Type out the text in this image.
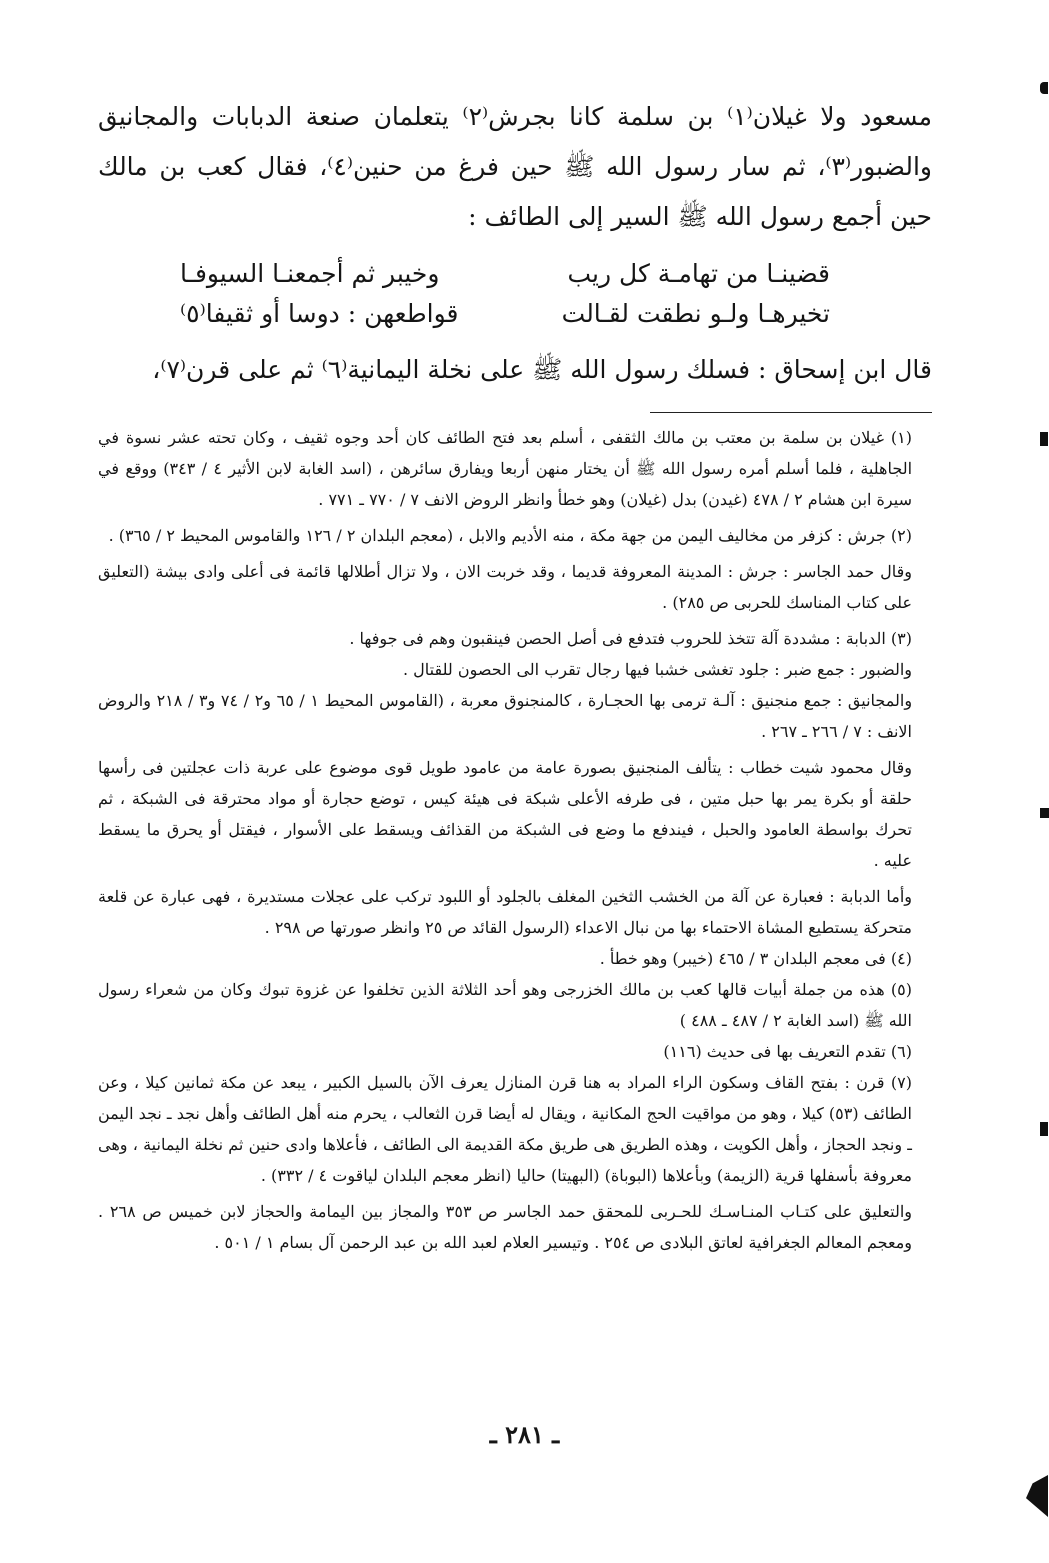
مسعود ولا غيلان⁽١⁾ بن سلمة كانا بجرش⁽٢⁾ يتعلمان صنعة الدبابات والمجانيق والضبور⁽٣⁾، ثم سار رسول الله ﷺ حين فرغ من حنين⁽٤⁾، فقال كعب بن مالك حين أجمع رسول الله ﷺ السير إلى الطائف :

قضينـا من تهامـة كل ريب
وخيبر ثم أجمعنـا السيوفـا
تخيرهـا ولـو نطقت لقـالت
قواطعهن : دوسا أو ثقيفا⁽٥⁾
قال ابن إسحاق : فسلك رسول الله ﷺ على نخلة اليمانية⁽٦⁾ ثم على قرن⁽٧⁾،

(١) غيلان بن سلمة بن معتب بن مالك الثقفى ، أسلم بعد فتح الطائف كان أحد وجوه ثقيف ، وكان تحته عشر نسوة في الجاهلية ، فلما أسلم أمره رسول الله ﷺ أن يختار منهن أربعا ويفارق سائرهن ، (اسد الغابة لابن الأثير ٤ / ٣٤٣) ووقع في سيرة ابن هشام ٢ / ٤٧٨ (غيدن) بدل (غيلان) وهو خطأ وانظر الروض الانف ٧ / ٧٧٠ ـ ٧٧١ .

(٢) جرش : كزفر من مخاليف اليمن من جهة مكة ، منه الأديم والابل ، (معجم البلدان ٢ / ١٢٦ والقاموس المحيط ٢ / ٣٦٥) .

وقال حمد الجاسر : جرش : المدينة المعروفة قديما ، وقد خربت الان ، ولا تزال أطلالها قائمة فى أعلى وادى بيشة (التعليق على كتاب المناسك للحربى ص ٢٨٥) .

(٣) الدبابة : مشددة آلة تتخذ للحروب فتدفع فى أصل الحصن فينقبون وهم فى جوفها .

والضبور : جمع ضبر : جلود تغشى خشبا فيها رجال تقرب الى الحصون للقتال .

والمجانيق : جمع منجنيق : آلـة ترمى بها الحجـارة ، كالمنجنوق معربة ، (القاموس المحيط ١ / ٦٥ و٢ / ٧٤ و٣ / ٢١٨ والروض الانف : ٧ / ٢٦٦ ـ ٢٦٧ .

وقال محمود شيت خطاب : يتألف المنجنيق بصورة عامة من عامود طويل قوى موضوع على عربة ذات عجلتين فى رأسها حلقة أو بكرة يمر بها حبل متين ، فى طرفه الأعلى شبكة فى هيئة كيس ، توضع حجارة أو مواد محترقة فى الشبكة ، ثم تحرك بواسطة العامود والحبل ، فيندفع ما وضع فى الشبكة من القذائف ويسقط على الأسوار ، فيقتل أو يحرق ما يسقط عليه .

وأما الدبابة : فعبارة عن آلة من الخشب الثخين المغلف بالجلود أو اللبود تركب على عجلات مستديرة ، فهى عبارة عن قلعة متحركة يستطيع المشاة الاحتماء بها من نبال الاعداء (الرسول القائد ص ٢٥ وانظر صورتها ص ٢٩٨ .

(٤) فى معجم البلدان ٣ / ٤٦٥ (خيبر) وهو خطأ .

(٥) هذه من جملة أبيات قالها كعب بن مالك الخزرجى وهو أحد الثلاثة الذين تخلفوا عن غزوة تبوك وكان من شعراء رسول الله ﷺ (اسد الغابة ٢ / ٤٨٧ ـ ٤٨٨ )

(٦) تقدم التعريف بها فى حديث (١١٦)

(٧) قرن : بفتح القاف وسكون الراء المراد به هنا قرن المنازل يعرف الآن بالسيل الكبير ، يبعد عن مكة ثمانين كيلا ، وعن الطائف (٥٣) كيلا ، وهو من مواقيت الحج المكانية ، ويقال له أيضا قرن الثعالب ، يحرم منه أهل الطائف وأهل نجد ـ نجد اليمن ـ ونجد الحجاز ، وأهل الكويت ، وهذه الطريق هى طريق مكة القديمة الى الطائف ، فأعلاها وادى حنين ثم نخلة اليمانية ، وهى معروفة بأسفلها قرية (الزيمة) وبأعلاها (البوباة) (البهيتا) حاليا (انظر معجم البلدان لياقوت ٤ / ٣٣٢) .

والتعليق على كتـاب المنـاسـك للحـربى للمحقق حمد الجاسر ص ٣٥٣ والمجاز بين اليمامة والحجاز لابن خميس ص ٢٦٨ . ومعجم المعالم الجغرافية لعاتق البلادى ص ٢٥٤ . وتيسير العلام لعبد الله بن عبد الرحمن آل بسام ١ / ٥٠١ .

ـ ٢٨١ ـ
